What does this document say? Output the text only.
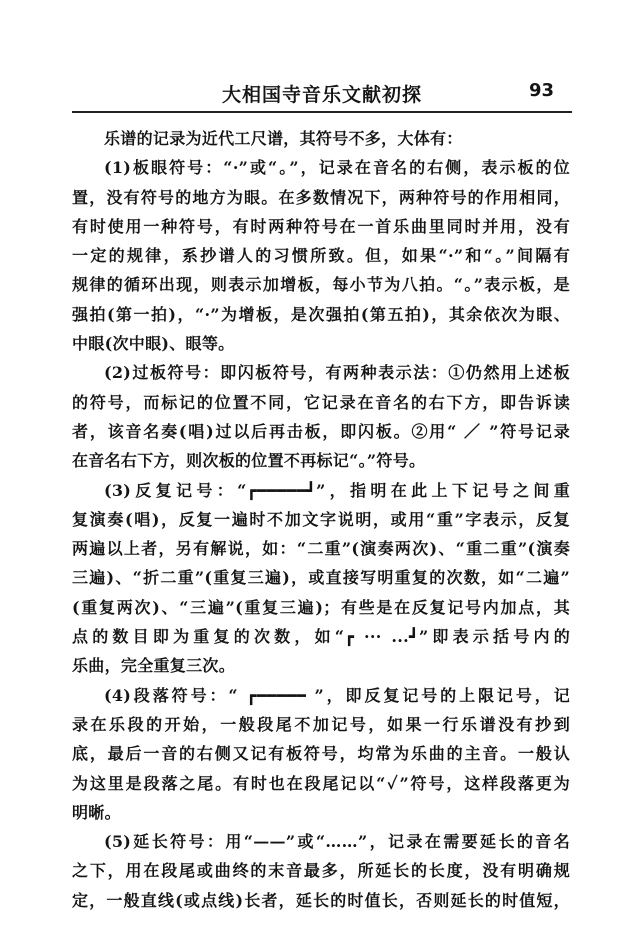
大相国寺音乐文献初探	93
乐谱的记录为近代工尺谱，其符号不多，大体有：
(1)板眼符号：“·”或“。”，记录在音名的右侧，表示板的位
置，没有符号的地方为眼。在多数情况下，两种符号的作用相同，
有时使用一种符号，有时两种符号在一首乐曲里同时并用，没有
一定的规律，系抄谱人的习惯所致。但，如果“·”和“。”间隔有
规律的循环出现，则表示加增板，每小节为八拍。“。”表示板，是
强拍(第一拍)，“·”为增板，是次强拍(第五拍)，其余依次为眼、
中眼(次中眼)、眼等。
(2)过板符号：即闪板符号，有两种表示法：①仍然用上述板
的符号，而标记的位置不同，它记录在音名的右下方，即告诉读
者，该音名奏(唱)过以后再击板，即闪板。②用“ ／ ”符号记录
在音名右下方，则次板的位置不再标记“。”符号。
(3)反复记号：“┏━━━━━┛”，指明在此上下记号之间重
复演奏(唱)，反复一遍时不加文字说明，或用“重”字表示，反复
两遍以上者，另有解说，如：“二重”(演奏两次)、“重二重”(演奏
三遍)、“折二重”(重复三遍)，或直接写明重复的次数，如“二遍”
(重复两次)、“三遍”(重复三遍)；有些是在反复记号内加点，其
点的数目即为重复的次数，如“┏ ··· ...┛”即表示括号内的
乐曲，完全重复三次。
(4)段落符号：“ ┏━━━━━ ”，即反复记号的上限记号，记
录在乐段的开始，一般段尾不加记号，如果一行乐谱没有抄到
底，最后一音的右侧又记有板符号，均常为乐曲的主音。一般认
为这里是段落之尾。有时也在段尾记以“✓”符号，这样段落更为
明晰。
(5)延长符号：用“——”或“……”，记录在需要延长的音名
之下，用在段尾或曲终的末音最多，所延长的长度，没有明确规
定，一般直线(或点线)长者，延长的时值长，否则延长的时值短，
